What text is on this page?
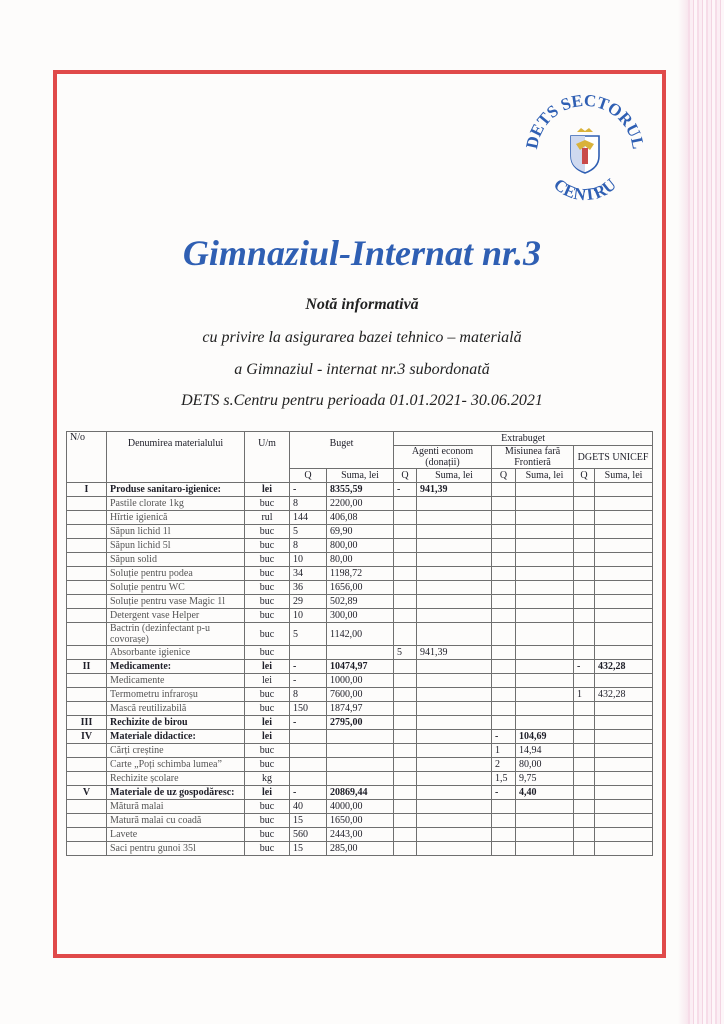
DETS SECTORUL
CENTRU
Gimnaziul-Internat nr.3
Notă informativă
cu privire la asigurarea bazei tehnico – materială
a Gimnaziul - internat nr.3 subordonată
DETS s.Centru pentru perioada 01.01.2021- 30.06.2021
N/o	Denumirea materialului	U/m	Buget		Extrabuget					
					Agenti econom (donații)		Misiunea fară Frontieră		DGETS UNICEF	
			Q	Suma, lei	Q	Suma, lei	Q	Suma, lei	Q	Suma, lei
I	Produse sanitaro-igienice:	lei	-	8355,59	-	941,39				
	Pastile clorate 1kg	buc	8	2200,00						
	Hîrtie igienică	rul	144	406,08						
	Săpun lichid 1l	buc	5	69,90						
	Săpun lichid 5l	buc	8	800,00						
	Săpun solid	buc	10	80,00						
	Soluție pentru podea	buc	34	1198,72						
	Soluție pentru WC	buc	36	1656,00						
	Soluție pentru vase Magic 1l	buc	29	502,89						
	Detergent vase Helper	buc	10	300,00						
	Bactrin (dezinfectant p-u covorașe)	buc	5	1142,00						
	Absorbante igienice	buc			5	941,39				
II	Medicamente:	lei	-	10474,97					-	432,28
	Medicamente	lei	-	1000,00						
	Termometru infraroșu	buc	8	7600,00					1	432,28
	Mască reutilizabilă	buc	150	1874,97						
III	Rechizite de birou	lei	-	2795,00						
IV	Materiale didactice:	lei					-	104,69		
	Cărți creștine	buc					1	14,94		
	Carte „Poți schimba lumea”	buc					2	80,00		
	Rechizite școlare	kg					1,5	9,75		
V	Materiale de uz gospodăresc:	lei	-	20869,44			-	4,40		
	Mătură malai	buc	40	4000,00						
	Matură malai cu coadă	buc	15	1650,00						
	Lavete	buc	560	2443,00						
	Saci pentru gunoi 35l	buc	15	285,00						
